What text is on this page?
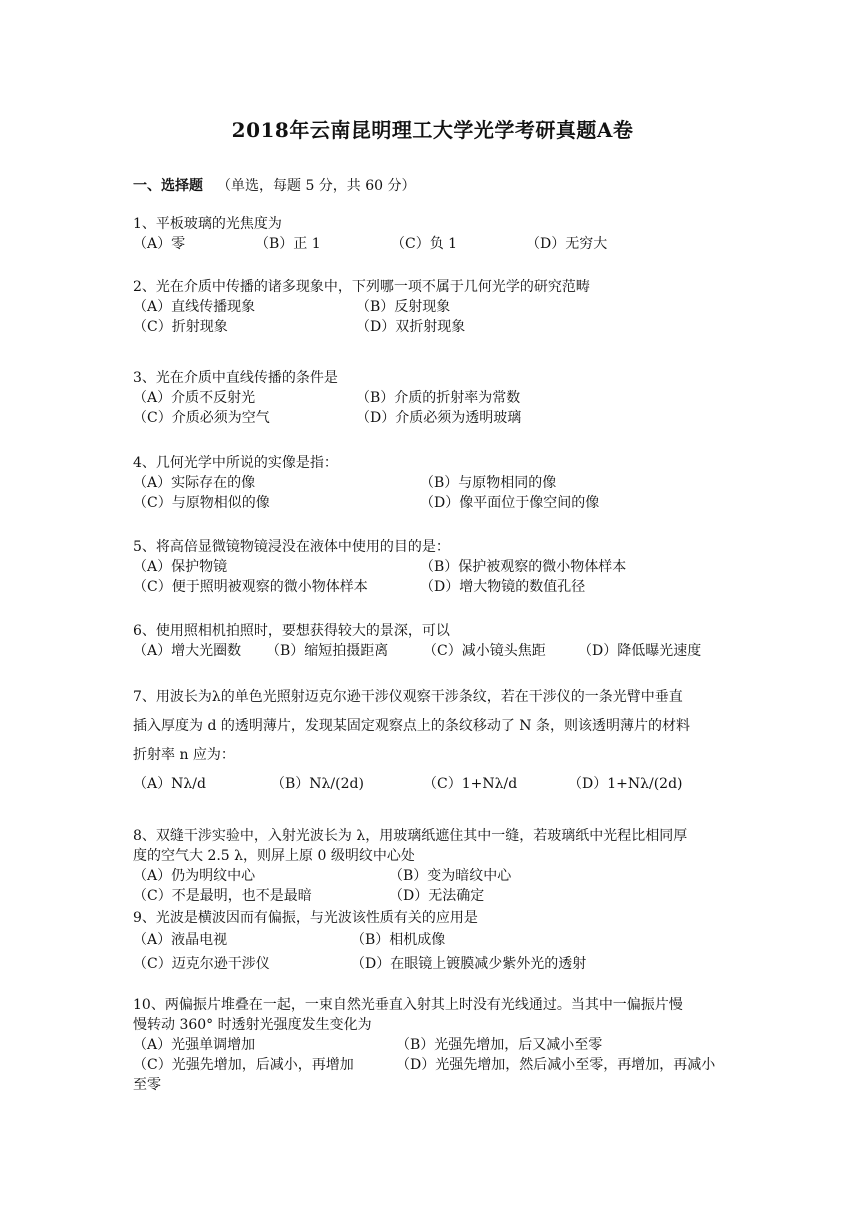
2018年云南昆明理工大学光学考研真题A卷
一、选择题 （单选，每题 5 分，共 60 分）
1、平板玻璃的光焦度为
（A）零	（B）正 1	（C）负 1	（D）无穷大
2、光在介质中传播的诸多现象中，下列哪一项不属于几何光学的研究范畴
（A）直线传播现象	（B）反射现象
（C）折射现象	（D）双折射现象
3、光在介质中直线传播的条件是
（A）介质不反射光	（B）介质的折射率为常数
（C）介质必须为空气	（D）介质必须为透明玻璃
4、几何光学中所说的实像是指：
（A）实际存在的像	（B）与原物相同的像
（C）与原物相似的像	（D）像平面位于像空间的像
5、将高倍显微镜物镜浸没在液体中使用的目的是：
（A）保护物镜	（B）保护被观察的微小物体样本
（C）便于照明被观察的微小物体样本	（D）增大物镜的数值孔径
6、使用照相机拍照时，要想获得较大的景深，可以
（A）增大光圈数 （B）缩短拍摄距离 （C）减小镜头焦距 （D）降低曝光速度
7、用波长为λ的单色光照射迈克尔逊干涉仪观察干涉条纹，若在干涉仪的一条光臂中垂直
插入厚度为 d 的透明薄片，发现某固定观察点上的条纹移动了 N 条，则该透明薄片的材料
折射率 n 应为：
（A）Nλ/d	（B）Nλ/(2d)	（C）1+Nλ/d	（D）1+Nλ/(2d)
8、双缝干涉实验中，入射光波长为 λ，用玻璃纸遮住其中一缝，若玻璃纸中光程比相同厚
度的空气大 2.5 λ，则屏上原 0 级明纹中心处
（A）仍为明纹中心	（B）变为暗纹中心
（C）不是最明，也不是最暗	（D）无法确定
9、光波是横波因而有偏振，与光波该性质有关的应用是
（A）液晶电视	（B）相机成像
（C）迈克尔逊干涉仪	（D）在眼镜上镀膜减少紫外光的透射
10、两偏振片堆叠在一起，一束自然光垂直入射其上时没有光线通过。当其中一偏振片慢
慢转动 360° 时透射光强度发生变化为
（A）光强单调增加	（B）光强先增加，后又减小至零
（C）光强先增加，后减小，再增加	（D）光强先增加，然后减小至零，再增加，再减小
至零
